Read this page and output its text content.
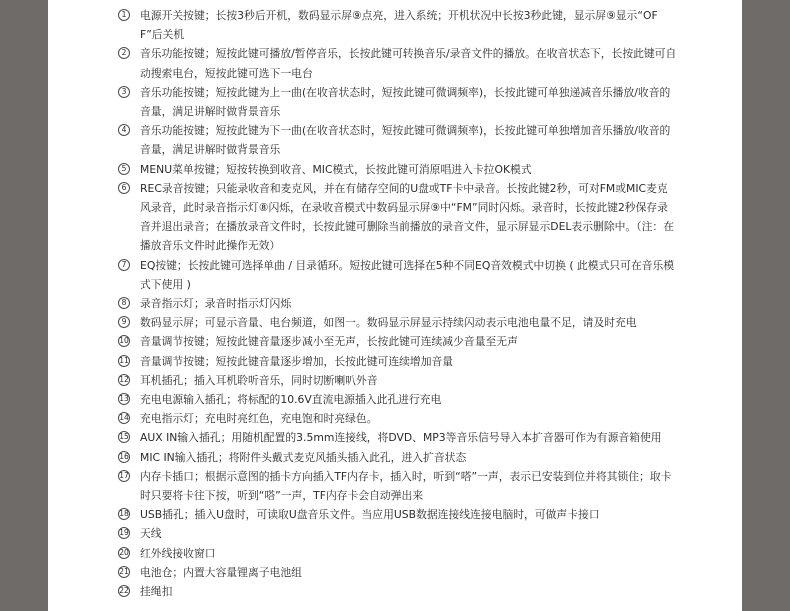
1	电源开关按键；长按3秒后开机，数码显示屏⑨点亮，进入系统；开机状况中长按3秒此键，显示屏⑨显示“OFF”后关机
2	音乐功能按键；短按此键可播放/暂停音乐，长按此键可转换音乐/录音文件的播放。在收音状态下，长按此键可自动搜索电台，短按此键可选下一电台
3	音乐功能按键；短按此键为上一曲(在收音状态时，短按此键可微调频率)，长按此键可单独递减音乐播放/收音的音量，满足讲解时做背景音乐
4	音乐功能按键；短按此键为下一曲(在收音状态时，短按此键可微调频率)，长按此键可单独增加音乐播放/收音的音量，满足讲解时做背景音乐
5	MENU菜单按键；短按转换到收音、MIC模式，长按此键可消原唱进入卡拉OK模式
6	REC录音按键；只能录收音和麦克风，并在有储存空间的U盘或TF卡中录音。长按此键2秒，可对FM或MIC麦克风录音，此时录音指示灯⑧闪烁，在录收音模式中数码显示屏⑨中“FM”同时闪烁。录音时，长按此键2秒保存录音并退出录音；在播放录音文件时，长按此键可删除当前播放的录音文件，显示屏显示DEL表示删除中。（注：在播放音乐文件时此操作无效）
7	EQ按键；长按此键可选择单曲 / 目录循环。短按此键可选择在5种不同EQ音效模式中切换 ( 此模式只可在音乐模式下使用 )
8	录音指示灯；录音时指示灯闪烁
9	数码显示屏；可显示音量、电台频道，如图一。数码显示屏显示持续闪动表示电池电量不足，请及时充电
10 音量调节按键；短按此键音量逐步减小至无声，长按此键可连续减少音量至无声
11 音量调节按键；短按此键音量逐步增加，长按此键可连续增加音量
12 耳机插孔；插入耳机聆听音乐，同时切断喇叭外音
13 充电电源输入插孔；将标配的10.6V直流电源插入此孔进行充电
14 充电指示灯；充电时亮红色，充电饱和时亮绿色。
15 AUX IN输入插孔；用随机配置的3.5mm连接线，将DVD、MP3等音乐信号导入本扩音器可作为有源音箱使用
16 MIC IN输入插孔；将附件头戴式麦克风插头插入此孔，进入扩音状态
17 内存卡插口；根据示意图的插卡方向插入TF内存卡，插入时，听到“嗒”一声，表示已安装到位并将其锁住；取卡时只要将卡往下按，听到“嗒”一声，TF内存卡会自动弹出来
18 USB插孔；插入U盘时，可读取U盘音乐文件。当应用USB数据连接线连接电脑时，可做声卡接口
19 天线
20 红外线接收窗口
21 电池仓；内置大容量锂离子电池组
22 挂绳扣
